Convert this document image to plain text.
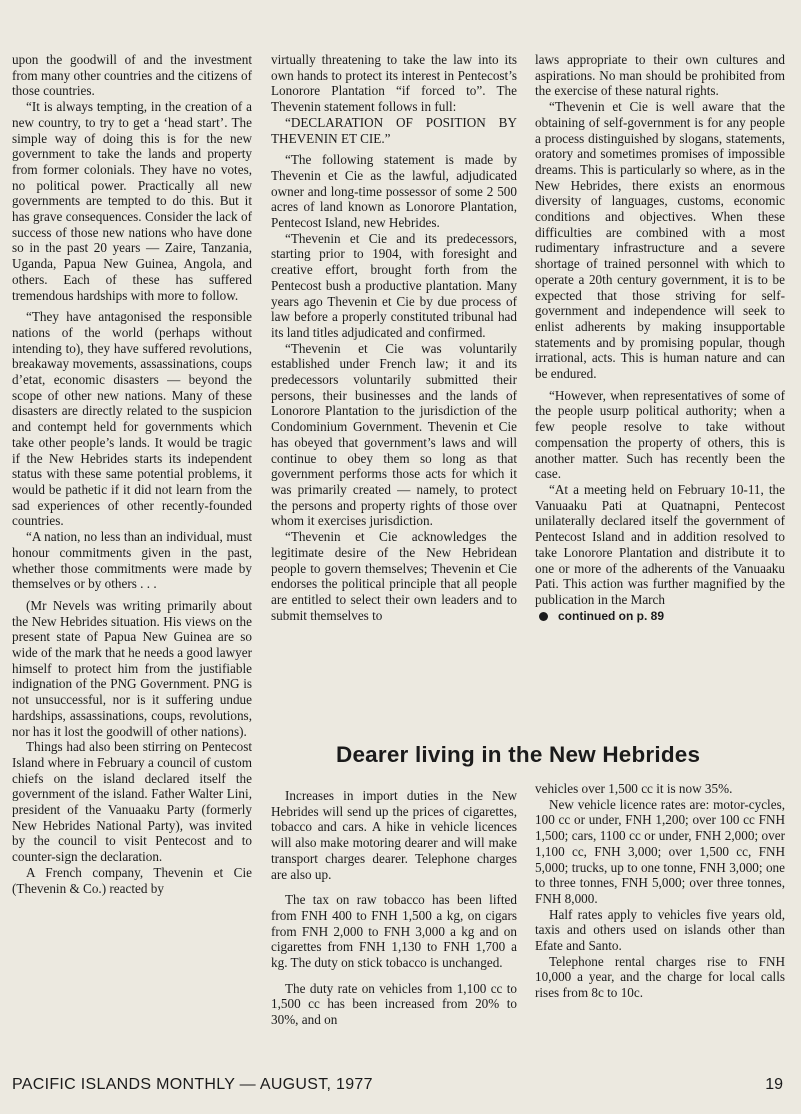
upon the goodwill of and the investment from many other countries and the citizens of those countries.

“It is always tempting, in the creation of a new country, to try to get a ‘head start’. The simple way of doing this is for the new government to take the lands and property from former colonials. They have no votes, no political power. Practically all new governments are tempted to do this. But it has grave consequences. Consider the lack of success of those new nations who have done so in the past 20 years — Zaire, Tanzania, Uganda, Papua New Guinea, Angola, and others. Each of these has suffered tremendous hardships with more to follow.

“They have antagonised the responsible nations of the world (perhaps without intending to), they have suffered revolutions, breakaway movements, assassinations, coups d’etat, economic disasters — beyond the scope of other new nations. Many of these disasters are directly related to the suspicion and contempt held for governments which take other people’s lands. It would be tragic if the New Hebrides starts its independent status with these same potential problems, it would be pathetic if it did not learn from the sad experiences of other recently-founded countries.

“A nation, no less than an individual, must honour commitments given in the past, whether those commitments were made by themselves or by others . . .

(Mr Nevels was writing primarily about the New Hebrides situation. His views on the present state of Papua New Guinea are so wide of the mark that he needs a good lawyer himself to protect him from the justifiable indignation of the PNG Government. PNG is not unsuccessful, nor is it suffering undue hardships, assassinations, coups, revolutions, nor has it lost the goodwill of other nations).

Things had also been stirring on Pentecost Island where in February a council of custom chiefs on the island declared itself the government of the island. Father Walter Lini, president of the Vanuaaku Party (formerly New Hebrides National Party), was invited by the council to visit Pentecost and to counter-sign the declaration.

A French company, Thevenin et Cie (Thevenin & Co.) reacted by

virtually threatening to take the law into its own hands to protect its interest in Pentecost’s Lonorore Plantation “if forced to”. The Thevenin statement follows in full:

“DECLARATION OF POSITION BY THEVENIN ET CIE.”

“The following statement is made by Thevenin et Cie as the lawful, adjudicated owner and long-time possessor of some 2 500 acres of land known as Lonorore Plantation, Pentecost Island, new Hebrides.

“Thevenin et Cie and its predecessors, starting prior to 1904, with foresight and creative effort, brought forth from the Pentecost bush a productive plantation. Many years ago Thevenin et Cie by due process of law before a properly constituted tribunal had its land titles adjudicated and confirmed.

“Thevenin et Cie was voluntarily established under French law; it and its predecessors voluntarily submitted their persons, their businesses and the lands of Lonorore Plantation to the jurisdiction of the Condominium Government. Thevenin et Cie has obeyed that government’s laws and will continue to obey them so long as that government performs those acts for which it was primarily created — namely, to protect the persons and property rights of those over whom it exercises jurisdiction.

“Thevenin et Cie acknowledges the legitimate desire of the New Hebridean people to govern themselves; Thevenin et Cie endorses the political principle that all people are entitled to select their own leaders and to submit themselves to

laws appropriate to their own cultures and aspirations. No man should be prohibited from the exercise of these natural rights.

“Thevenin et Cie is well aware that the obtaining of self-government is for any people a process distinguished by slogans, statements, oratory and sometimes promises of impossible dreams. This is particularly so where, as in the New Hebrides, there exists an enormous diversity of languages, customs, economic conditions and objectives. When these difficulties are combined with a most rudimentary infrastructure and a severe shortage of trained personnel with which to operate a 20th century government, it is to be expected that those striving for self-government and independence will seek to enlist adherents by making insupportable statements and by promising popular, though irrational, acts. This is human nature and can be endured.

“However, when representatives of some of the people usurp political authority; when a few people resolve to take without compensation the property of others, this is another matter. Such has recently been the case.

“At a meeting held on February 10-11, the Vanuaaku Pati at Quatnapni, Pentecost unilaterally declared itself the government of Pentecost Island and in addition resolved to take Lonorore Plantation and distribute it to one or more of the adherents of the Vanuaaku Pati. This action was further magnified by the publication in the March

continued on p. 89
Dearer living in the New Hebrides

Increases in import duties in the New Hebrides will send up the prices of cigarettes, tobacco and cars. A hike in vehicle licences will also make motoring dearer and will make transport charges dearer. Telephone charges are also up.

The tax on raw tobacco has been lifted from FNH 400 to FNH 1,500 a kg, on cigars from FNH 2,000 to FNH 3,000 a kg and on cigarettes from FNH 1,130 to FNH 1,700 a kg. The duty on stick tobacco is unchanged.

The duty rate on vehicles from 1,100 cc to 1,500 cc has been increased from 20% to 30%, and on

vehicles over 1,500 cc it is now 35%.

New vehicle licence rates are: motor-cycles, 100 cc or under, FNH 1,200; over 100 cc FNH 1,500; cars, 1100 cc or under, FNH 2,000; over 1,100 cc, FNH 3,000; over 1,500 cc, FNH 5,000; trucks, up to one tonne, FNH 3,000; one to three tonnes, FNH 5,000; over three tonnes, FNH 8,000.

Half rates apply to vehicles five years old, taxis and others used on islands other than Efate and Santo.

Telephone rental charges rise to FNH 10,000 a year, and the charge for local calls rises from 8c to 10c.

PACIFIC ISLANDS MONTHLY — AUGUST, 1977	19
